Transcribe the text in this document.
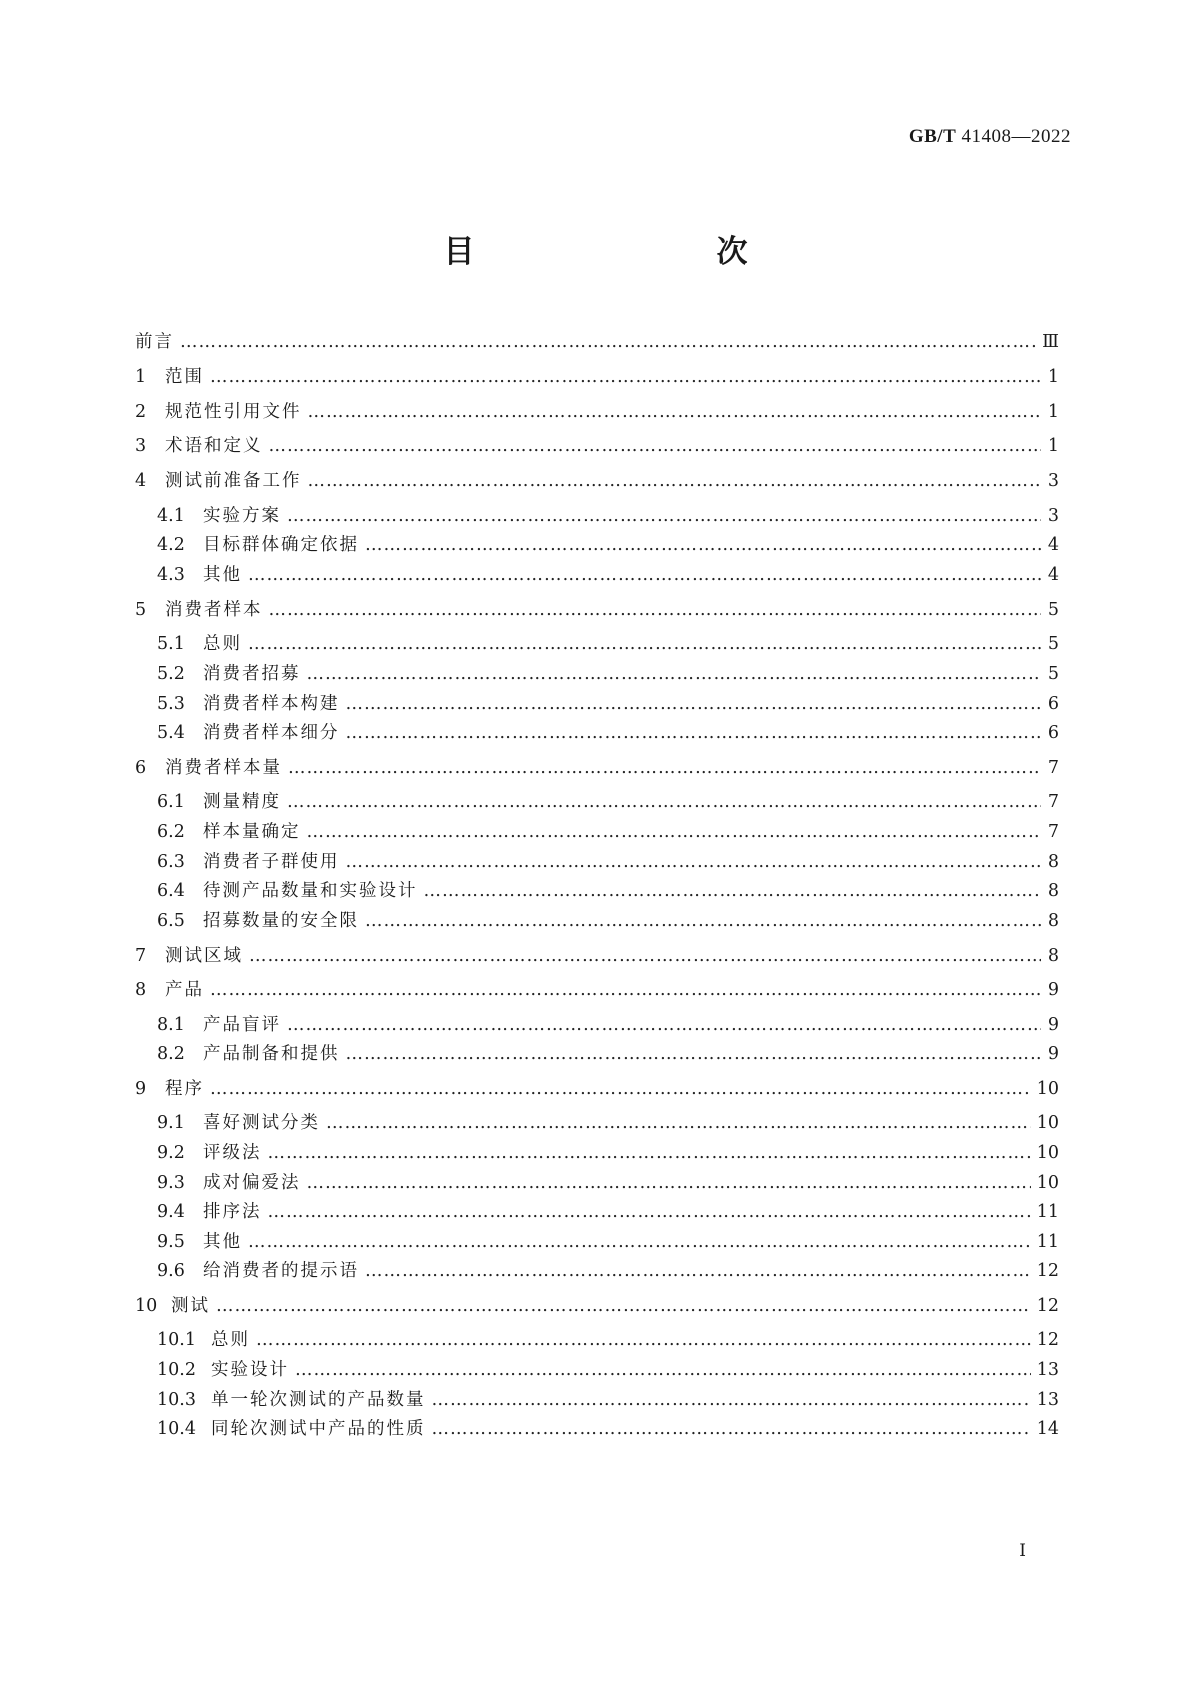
GB/T 41408—2022
目　　次
前言 ……………………………………………………………………………………………………………………………………………………………………………………………………………	Ⅲ
1	范围 ……………………………………………………………………………………………………………………………………………………………………………………………………………	1
2	规范性引用文件 ……………………………………………………………………………………………………………………………………………………………………………………………………………	1
3	术语和定义 ……………………………………………………………………………………………………………………………………………………………………………………………………………	1
4	测试前准备工作 ……………………………………………………………………………………………………………………………………………………………………………………………………………	3
4.1	实验方案 ……………………………………………………………………………………………………………………………………………………………………………………………………………	3
4.2	目标群体确定依据 ……………………………………………………………………………………………………………………………………………………………………………………………………………	4
4.3	其他 ……………………………………………………………………………………………………………………………………………………………………………………………………………	4
5	消费者样本 ……………………………………………………………………………………………………………………………………………………………………………………………………………	5
5.1	总则 ……………………………………………………………………………………………………………………………………………………………………………………………………………	5
5.2	消费者招募 ……………………………………………………………………………………………………………………………………………………………………………………………………………	5
5.3	消费者样本构建 ……………………………………………………………………………………………………………………………………………………………………………………………………………	6
5.4	消费者样本细分 ……………………………………………………………………………………………………………………………………………………………………………………………………………	6
6	消费者样本量 ……………………………………………………………………………………………………………………………………………………………………………………………………………	7
6.1	测量精度 ……………………………………………………………………………………………………………………………………………………………………………………………………………	7
6.2	样本量确定 ……………………………………………………………………………………………………………………………………………………………………………………………………………	7
6.3	消费者子群使用 ……………………………………………………………………………………………………………………………………………………………………………………………………………	8
6.4	待测产品数量和实验设计 ……………………………………………………………………………………………………………………………………………………………………………………………………………	8
6.5	招募数量的安全限 ……………………………………………………………………………………………………………………………………………………………………………………………………………	8
7	测试区域 ……………………………………………………………………………………………………………………………………………………………………………………………………………	8
8	产品 ……………………………………………………………………………………………………………………………………………………………………………………………………………	9
8.1	产品盲评 ……………………………………………………………………………………………………………………………………………………………………………………………………………	9
8.2	产品制备和提供 ……………………………………………………………………………………………………………………………………………………………………………………………………………	9
9	程序 ……………………………………………………………………………………………………………………………………………………………………………………………………………	10
9.1	喜好测试分类 ……………………………………………………………………………………………………………………………………………………………………………………………………………	10
9.2	评级法 ……………………………………………………………………………………………………………………………………………………………………………………………………………	10
9.3	成对偏爱法 ……………………………………………………………………………………………………………………………………………………………………………………………………………	10
9.4	排序法 ……………………………………………………………………………………………………………………………………………………………………………………………………………	11
9.5	其他 ……………………………………………………………………………………………………………………………………………………………………………………………………………	11
9.6	给消费者的提示语 ……………………………………………………………………………………………………………………………………………………………………………………………………………	12
10 测试 ……………………………………………………………………………………………………………………………………………………………………………………………………………	12
10.1 总则 ……………………………………………………………………………………………………………………………………………………………………………………………………………	12
10.2 实验设计 ……………………………………………………………………………………………………………………………………………………………………………………………………………	13
10.3 单一轮次测试的产品数量 ……………………………………………………………………………………………………………………………………………………………………………………………………………	13
10.4 同轮次测试中产品的性质 ……………………………………………………………………………………………………………………………………………………………………………………………………………	14
I
